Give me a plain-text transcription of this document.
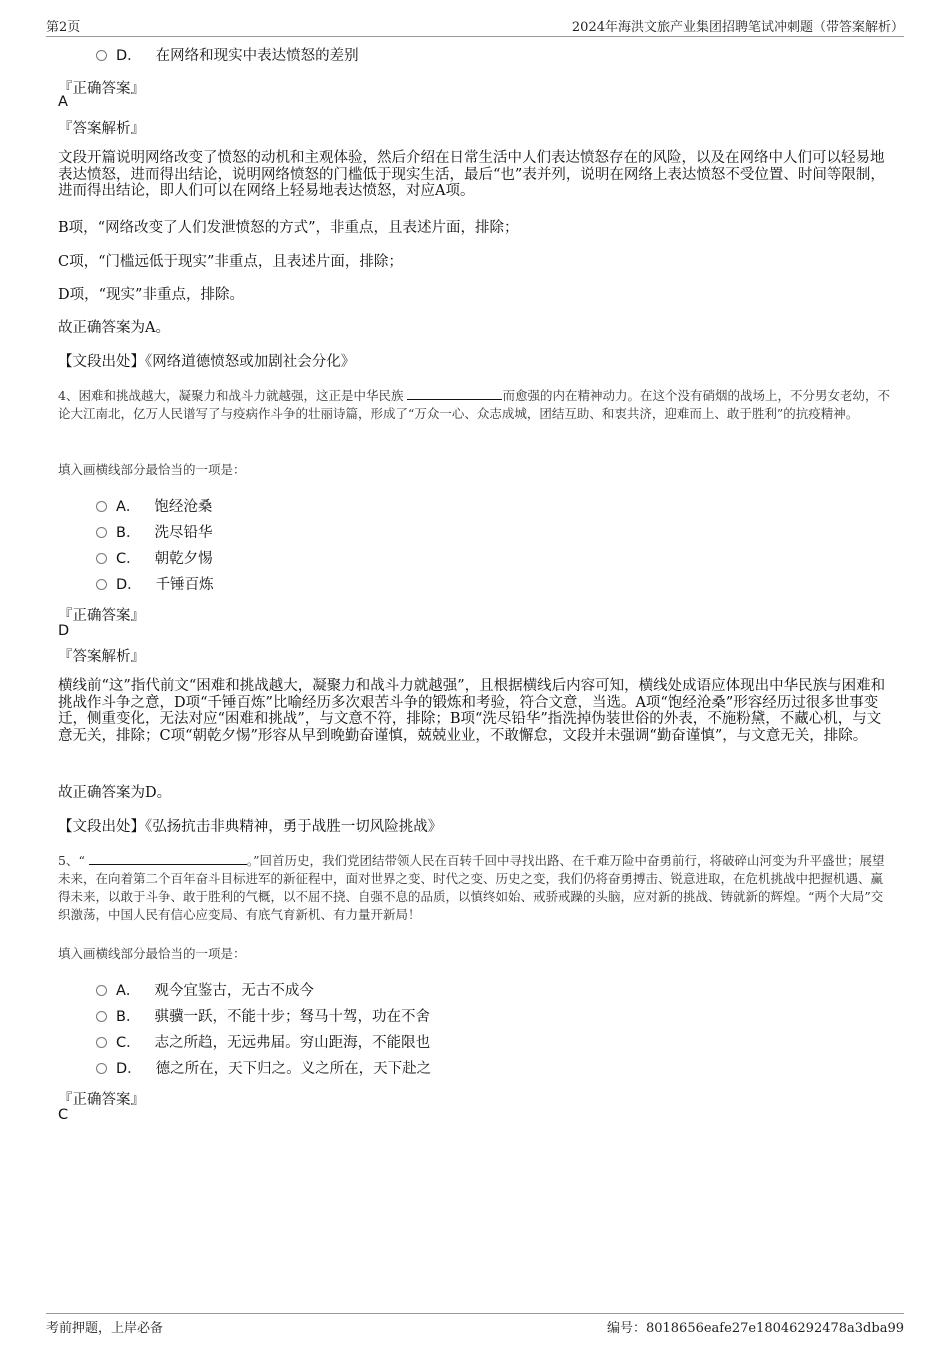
第2页	2024年海洪文旅产业集团招聘笔试冲刺题（带答案解析）
D． 在网络和现实中表达愤怒的差别
『正确答案』
A
『答案解析』
文段开篇说明网络改变了愤怒的动机和主观体验，然后介绍在日常生活中人们表达愤怒存在的风险，以及在网络中人们可以轻易地表达愤怒，进而得出结论，说明网络愤怒的门槛低于现实生活，最后“也”表并列，说明在网络上表达愤怒不受位置、时间等限制，进而得出结论，即人们可以在网络上轻易地表达愤怒，对应A项。
B项，“网络改变了人们发泄愤怒的方式”，非重点，且表述片面，排除；
C项，“门槛远低于现实”非重点，且表述片面，排除；
D项，“现实”非重点，排除。
故正确答案为A。
【文段出处】《网络道德愤怒或加剧社会分化》
4、困难和挑战越大，凝聚力和战斗力就越强，这正是中华民族	而愈强的内在精神动力。在这个没有硝烟的战场上，不分男女老幼，不论大江南北，亿万人民谱写了与疫病作斗争的壮丽诗篇，形成了“万众一心、众志成城，团结互助、和衷共济，迎难而上、敢于胜利”的抗疫精神。
填入画横线部分最恰当的一项是：
A． 饱经沧桑
B． 洗尽铅华
C． 朝乾夕惕
D． 千锤百炼
『正确答案』
D
『答案解析』
横线前“这”指代前文“困难和挑战越大，凝聚力和战斗力就越强”，且根据横线后内容可知，横线处成语应体现出中华民族与困难和挑战作斗争之意，D项“千锤百炼”比喻经历多次艰苦斗争的锻炼和考验，符合文意，当选。A项“饱经沧桑”形容经历过很多世事变迁，侧重变化，无法对应“困难和挑战”，与文意不符，排除；B项“洗尽铅华”指洗掉伪装世俗的外表，不施粉黛，不藏心机，与文意无关，排除；C项“朝乾夕惕”形容从早到晚勤奋谨慎，兢兢业业，不敢懈怠，文段并未强调“勤奋谨慎”，与文意无关，排除。
故正确答案为D。
【文段出处】《弘扬抗击非典精神，勇于战胜一切风险挑战》
5、“	。”回首历史，我们党团结带领人民在百转千回中寻找出路、在千难万险中奋勇前行，将破碎山河变为升平盛世；展望未来，在向着第二个百年奋斗目标进军的新征程中，面对世界之变、时代之变、历史之变，我们仍将奋勇搏击、锐意进取，在危机挑战中把握机遇、赢得未来，以敢于斗争、敢于胜利的气概，以不屈不挠、自强不息的品质，以慎终如始、戒骄戒躁的头脑，应对新的挑战、铸就新的辉煌。“两个大局”交织激荡，中国人民有信心应变局、有底气育新机、有力量开新局！
填入画横线部分最恰当的一项是：
A． 观今宜鉴古，无古不成今
B． 骐骥一跃，不能十步；驽马十驾，功在不舍
C． 志之所趋，无远弗届。穷山距海，不能限也
D． 德之所在，天下归之。义之所在，天下赴之
『正确答案』
C
考前押题，上岸必备	编号：8018656eafe27e18046292478a3dba99
